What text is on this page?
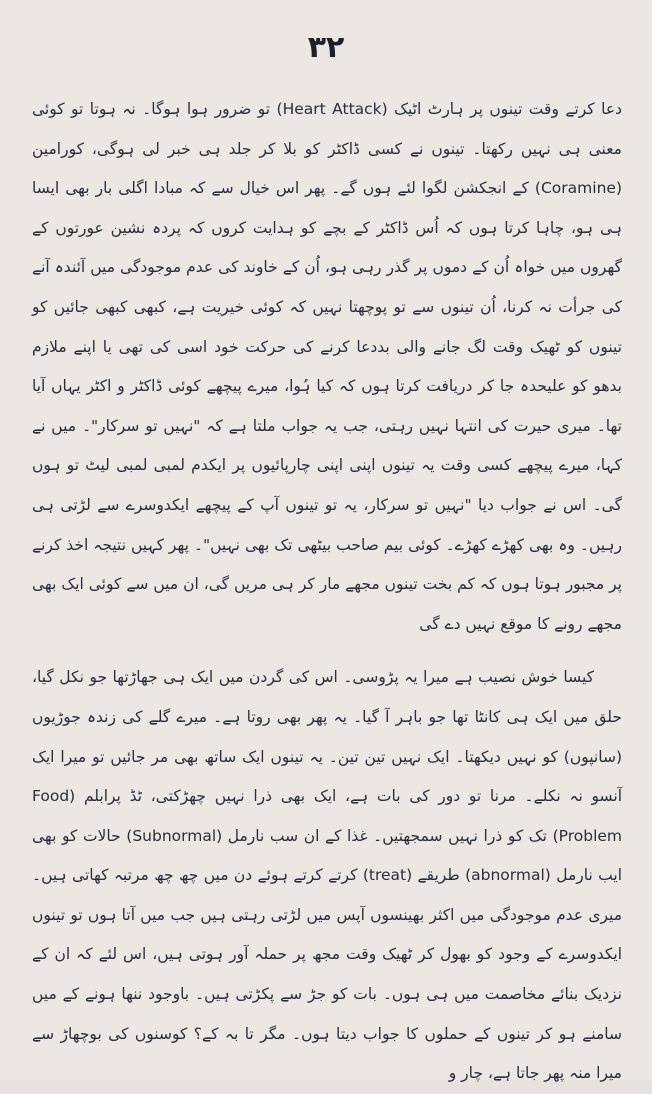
۳۲

دعا کرتے وقت تینوں پر ہارٹ اٹیک (Heart Attack) تو ضرور ہوا ہوگا۔ نہ ہوتا تو کوئی معنی ہی نہیں رکھتا۔ تینوں نے کسی ڈاکٹر کو بلا کر جلد ہی خبر لی ہوگی، کورامین (Coramine) کے انجکشن لگوا لئے ہوں گے۔ پھر اس خیال سے کہ مبادا اگلی بار بھی ایسا ہی ہو، چاہا کرتا ہوں کہ اُس ڈاکٹر کے بچے کو ہدایت کروں کہ پردہ نشین عورتوں کے گھروں میں خواہ اُن کے دموں پر گذر رہی ہو، اُن کے خاوند کی عدم موجودگی میں آئندہ آنے کی جرأت نہ کرنا، اُن تینوں سے تو پوچھتا نہیں کہ کوئی خیریت ہے، کبھی کبھی جائیں کو تینوں کو ٹھیک وقت لگ جانے والی بددعا کرنے کی حرکت خود اسی کی تھی یا اپنے ملازم بدھو کو علیحدہ جا کر دریافت کرتا ہوں کہ کیا ہُوا، میرے پیچھے کوئی ڈاکٹر و اکٹر یہاں آیا تھا۔ میری حیرت کی انتہا نہیں رہتی، جب یہ جواب ملتا ہے کہ "نہیں تو سرکار"۔ میں نے کہا، میرے پیچھے کسی وقت یہ تینوں اپنی اپنی چارپائیوں پر ایکدم لمبی لمبی لیٹ تو ہوں گی۔ اس نے جواب دیا "نہیں تو سرکار، یہ تو تینوں آپ کے پیچھے ایکدوسرے سے لڑتی ہی رہیں۔ وہ بھی کھڑے کھڑے۔ کوئی بیم صاحب بیٹھی تک بھی نہیں"۔ پھر کہیں نتیجہ اخذ کرنے پر مجبور ہوتا ہوں کہ کم بخت تینوں مجھے مار کر ہی مریں گی، ان میں سے کوئی ایک بھی مجھے رونے کا موقع نہیں دے گی

کیسا خوش نصیب ہے میرا یہ پڑوسی۔ اس کی گردن میں ایک ہی جھاڑتھا جو نکل گیا، حلق میں ایک ہی کانٹا تھا جو باہر آ گیا۔ یہ پھر بھی روتا ہے۔ میرے گلے کی زندہ جوڑیوں (سانپوں) کو نہیں دیکھتا۔ ایک نہیں تین تین۔ یہ تینوں ایک ساتھ بھی مر جائیں تو میرا ایک آنسو نہ نکلے۔ مرنا تو دور کی بات ہے، ایک بھی ذرا نہیں چھڑکتی، ٹڈ پرابلم (Food Problem) تک کو ذرا نہیں سمجھتیں۔ غذا کے ان سب نارمل (Subnormal) حالات کو بھی ایب نارمل (abnormal) طریقے (treat) کرتے کرتے ہوئے دن میں چھ چھ مرتبہ کھاتی ہیں۔ میری عدم موجودگی میں اکثر بھینسوں آپس میں لڑتی رہتی ہیں جب میں آتا ہوں تو تینوں ایکدوسرے کے وجود کو بھول کر ٹھیک وقت مجھ پر حملہ آور ہوتی ہیں، اس لئے کہ ان کے نزدیک بنائے مخاصمت میں ہی ہوں۔ بات کو جڑ سے پکڑتی ہیں۔ باوجود ننھا ہونے کے میں سامنے ہو کر تینوں کے حملوں کا جواب دیتا ہوں۔ مگر تا بہ کے؟ کوسنوں کی بوچھاڑ سے میرا منہ پھر جاتا ہے، چار و
